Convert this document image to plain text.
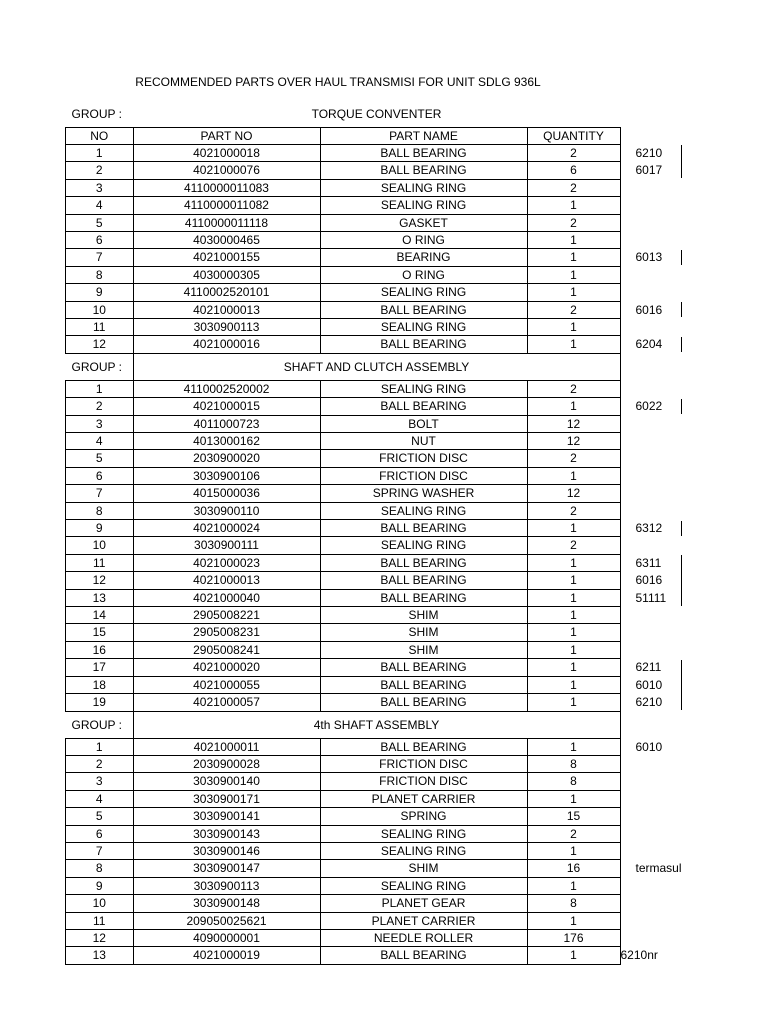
RECOMMENDED PARTS OVER HAUL TRANSMISI FOR UNIT SDLG 936L
GROUP :	TORQUE CONVENTER			
NO	PART NO	PART NAME	QUANTITY	
1	4021000018	BALL BEARING	2	6210

2	4021000076	BALL BEARING	6	6017

3	4110000011083	SEALING RING	2	
4	4110000011082	SEALING RING	1	
5	4110000011118	GASKET	2	
6	4030000465	O RING	1	
7	4021000155	BEARING	1	6013

8	4030000305	O RING	1	
9	4110002520101	SEALING RING	1	
10	4021000013	BALL BEARING	2	6016

11	3030900113	SEALING RING	1	
12	4021000016	BALL BEARING	1	6204

GROUP :	SHAFT AND CLUTCH ASSEMBLY			
1	4110002520002	SEALING RING	2	
2	4021000015	BALL BEARING	1	6022

3	4011000723	BOLT	12	
4	4013000162	NUT	12	
5	2030900020	FRICTION DISC	2	
6	3030900106	FRICTION DISC	1	
7	4015000036	SPRING WASHER	12	
8	3030900110	SEALING RING	2	
9	4021000024	BALL BEARING	1	6312

10	3030900111	SEALING RING	2	
11	4021000023	BALL BEARING	1	6311

12	4021000013	BALL BEARING	1	6016

13	4021000040	BALL BEARING	1	51111

14	2905008221	SHIM	1	
15	2905008231	SHIM	1	
16	2905008241	SHIM	1	
17	4021000020	BALL BEARING	1	6211

18	4021000055	BALL BEARING	1	6010

19	4021000057	BALL BEARING	1	6210

GROUP :	4th SHAFT ASSEMBLY			
1	4021000011	BALL BEARING	1	6010
2	2030900028	FRICTION DISC	8	
3	3030900140	FRICTION DISC	8	
4	3030900171	PLANET CARRIER	1	
5	3030900141	SPRING	15	
6	3030900143	SEALING RING	2	
7	3030900146	SEALING RING	1	
8	3030900147	SHIM	16	termasul
9	3030900113	SEALING RING	1	
10	3030900148	PLANET GEAR	8	
11	209050025621	PLANET CARRIER	1	
12	4090000001	NEEDLE ROLLER	176	
13	4021000019	BALL BEARING	1	6210nr
